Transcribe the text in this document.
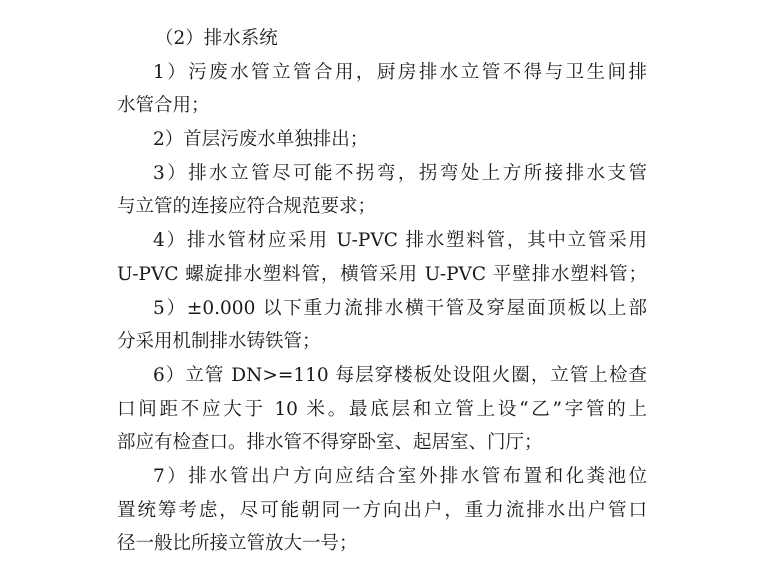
（2）排水系统
1）污废水管立管合用，厨房排水立管不得与卫生间排
水管合用；
2）首层污废水单独排出；
3）排水立管尽可能不拐弯，拐弯处上方所接排水支管
与立管的连接应符合规范要求；
4）排水管材应采用 U-PVC 排水塑料管，其中立管采用
U-PVC 螺旋排水塑料管，横管采用 U-PVC 平壁排水塑料管；
5）±0.000 以下重力流排水横干管及穿屋面顶板以上部
分采用机制排水铸铁管；
6）立管 DN>=110 每层穿楼板处设阻火圈，立管上检查
口间距不应大于 10 米。最底层和立管上设“乙”字管的上
部应有检查口。排水管不得穿卧室、起居室、门厅；
7）排水管出户方向应结合室外排水管布置和化粪池位
置统筹考虑，尽可能朝同一方向出户，重力流排水出户管口
径一般比所接立管放大一号；
